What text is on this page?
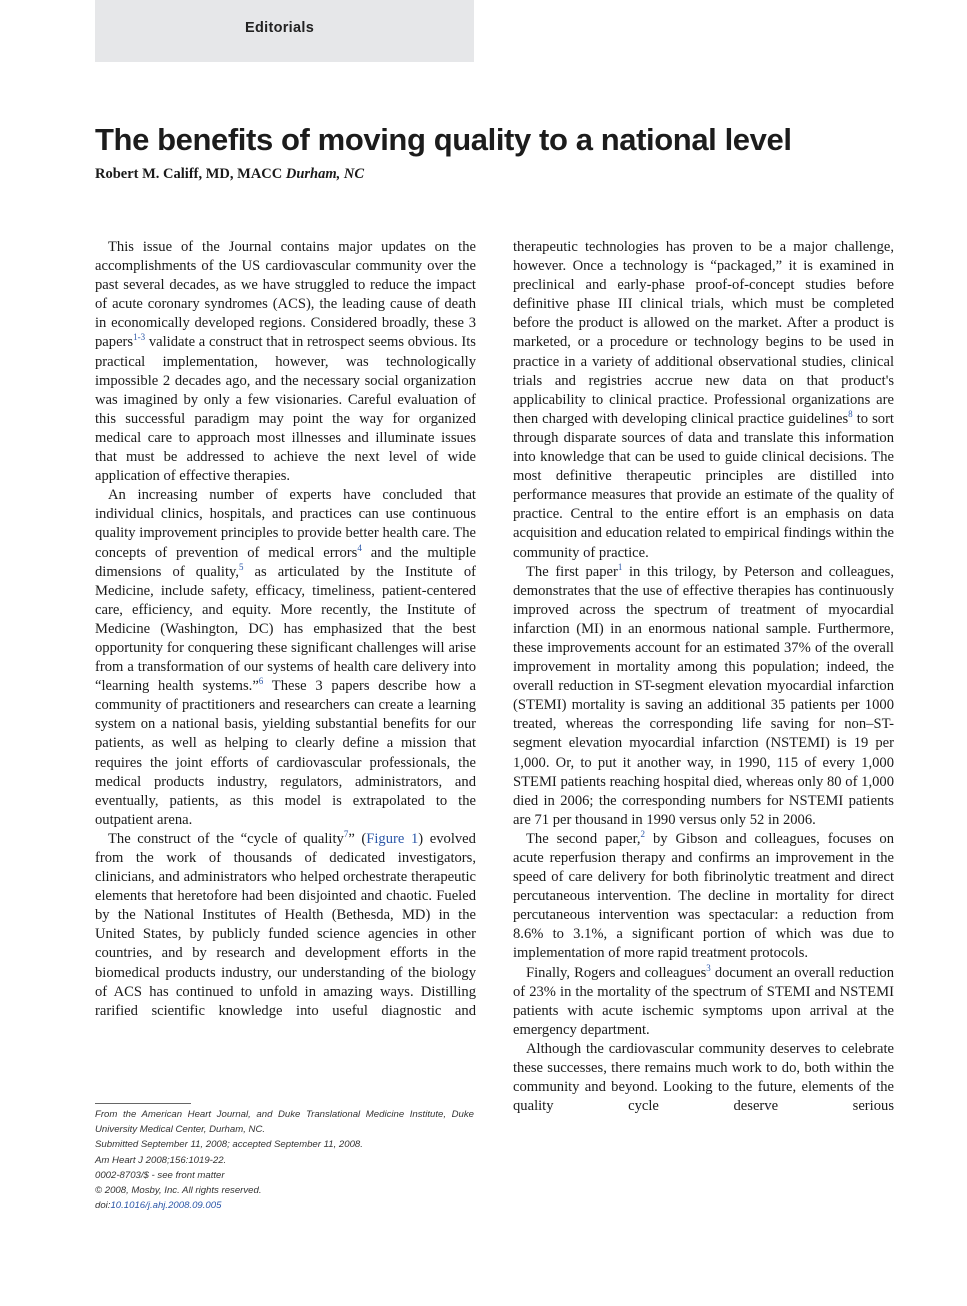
Editorials
The benefits of moving quality to a national level
Robert M. Califf, MD, MACC Durham, NC

This issue of the Journal contains major updates on the accomplishments of the US cardiovascular community over the past several decades, as we have struggled to reduce the impact of acute coronary syndromes (ACS), the leading cause of death in economically developed regions. Considered broadly, these 3 papers$^{1-3}$ validate a construct that in retrospect seems obvious. Its practical implementation, however, was technologically impossible 2 decades ago, and the necessary social organization was imagined by only a few visionaries. Careful evaluation of this successful paradigm may point the way for organized medical care to approach most illnesses and illuminate issues that must be addressed to achieve the next level of wide application of effective therapies.

An increasing number of experts have concluded that individual clinics, hospitals, and practices can use continuous quality improvement principles to provide better health care. The concepts of prevention of medical errors$^4$ and the multiple dimensions of quality,$^5$ as articulated by the Institute of Medicine, include safety, efficacy, timeliness, patient-centered care, efficiency, and equity. More recently, the Institute of Medicine (Washington, DC) has emphasized that the best opportunity for conquering these significant challenges will arise from a transformation of our systems of health care delivery into “learning health systems.”$^6$ These 3 papers describe how a community of practitioners and researchers can create a learning system on a national basis, yielding substantial benefits for our patients, as well as helping to clearly define a mission that requires the joint efforts of cardiovascular professionals, the medical products industry, regulators, administrators, and eventually, patients, as this model is extrapolated to the outpatient arena.

The construct of the “cycle of quality$^7$” (Figure 1) evolved from the work of thousands of dedicated investigators, clinicians, and administrators who helped orchestrate therapeutic elements that heretofore had been disjointed and chaotic. Fueled by the National Institutes of Health (Bethesda, MD) in the United States, by publicly funded science agencies in other countries, and by research and development efforts in the biomedical products industry, our understanding of the biology of ACS has continued to unfold in amazing ways. Distilling rarified scientific knowledge into useful diagnostic and

therapeutic technologies has proven to be a major challenge, however. Once a technology is “packaged,” it is examined in preclinical and early-phase proof-of-concept studies before definitive phase III clinical trials, which must be completed before the product is allowed on the market. After a product is marketed, or a procedure or technology begins to be used in practice in a variety of additional observational studies, clinical trials and registries accrue new data on that product's applicability to clinical practice. Professional organizations are then charged with developing clinical practice guidelines$^8$ to sort through disparate sources of data and translate this information into knowledge that can be used to guide clinical decisions. The most definitive therapeutic principles are distilled into performance measures that provide an estimate of the quality of practice. Central to the entire effort is an emphasis on data acquisition and education related to empirical findings within the community of practice.

The first paper$^1$ in this trilogy, by Peterson and colleagues, demonstrates that the use of effective therapies has continuously improved across the spectrum of treatment of myocardial infarction (MI) in an enormous national sample. Furthermore, these improvements account for an estimated 37% of the overall improvement in mortality among this population; indeed, the overall reduction in ST-segment elevation myocardial infarction (STEMI) mortality is saving an additional 35 patients per 1000 treated, whereas the corresponding life saving for non–ST-segment elevation myocardial infarction (NSTEMI) is 19 per 1,000. Or, to put it another way, in 1990, 115 of every 1,000 STEMI patients reaching hospital died, whereas only 80 of 1,000 died in 2006; the corresponding numbers for NSTEMI patients are 71 per thousand in 1990 versus only 52 in 2006.

The second paper,$^2$ by Gibson and colleagues, focuses on acute reperfusion therapy and confirms an improvement in the speed of care delivery for both fibrinolytic treatment and direct percutaneous intervention. The decline in mortality for direct percutaneous intervention was spectacular: a reduction from 8.6% to 3.1%, a significant portion of which was due to implementation of more rapid treatment protocols.

Finally, Rogers and colleagues$^3$ document an overall reduction of 23% in the mortality of the spectrum of STEMI and NSTEMI patients with acute ischemic symptoms upon arrival at the emergency department.

Although the cardiovascular community deserves to celebrate these successes, there remains much work to do, both within the community and beyond. Looking to the future, elements of the quality cycle deserve serious

From the American Heart Journal, and Duke Translational Medicine Institute, Duke University Medical Center, Durham, NC.
Submitted September 11, 2008; accepted September 11, 2008.
Am Heart J 2008;156:1019-22.
0002-8703/$ - see front matter
© 2008, Mosby, Inc. All rights reserved.
doi:10.1016/j.ahj.2008.09.005
